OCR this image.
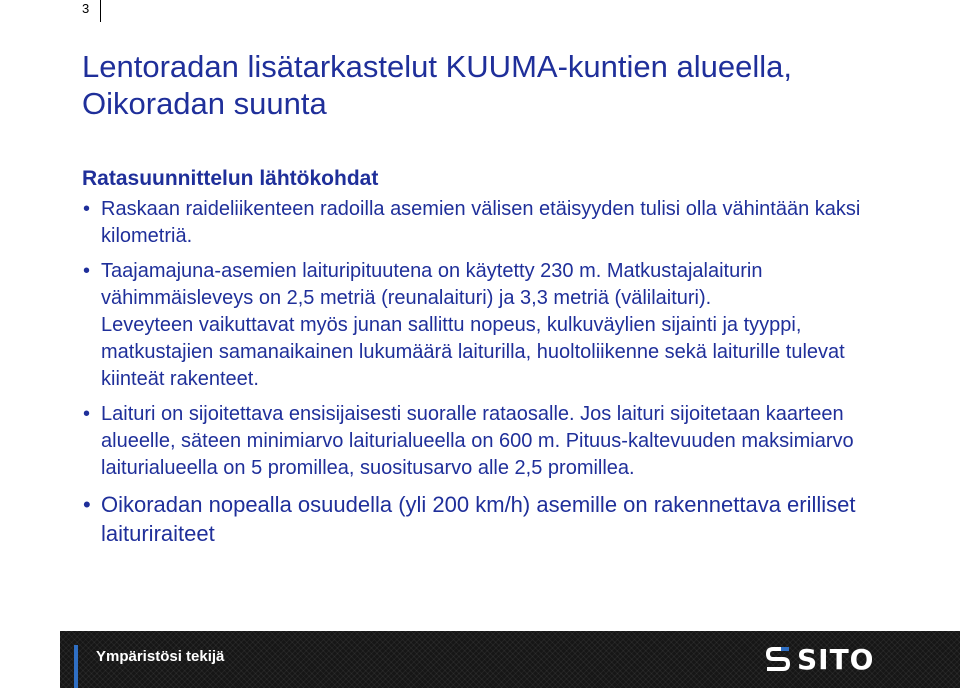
3
Lentoradan lisätarkastelut KUUMA-kuntien alueella, Oikoradan suunta
Ratasuunnittelun lähtökohdat
• Raskaan raideliikenteen radoilla asemien välisen etäisyyden tulisi olla vähintään kaksi kilometriä.

• Taajamajuna-asemien laituripituutena on käytetty 230 m. Matkustajalaiturin vähimmäisleveys on 2,5 metriä (reunalaituri) ja 3,3 metriä (välilaituri).

Leveyteen vaikuttavat myös junan sallittu nopeus, kulkuväylien sijainti ja tyyppi, matkustajien samanaikainen lukumäärä laiturilla, huoltoliikenne sekä laiturille tulevat kiinteät rakenteet.

• Laituri on sijoitettava ensisijaisesti suoralle rataosalle. Jos laituri sijoitetaan kaarteen alueelle, säteen minimiarvo laiturialueella on 600 m. Pituus-kaltevuuden maksimiarvo laiturialueella on 5 promillea, suositusarvo alle 2,5 promillea.

• Oikoradan nopealla osuudella (yli 200 km/h) asemille on rakennettava erilliset laituriraiteet

Ympäristösi tekijä	SITO
